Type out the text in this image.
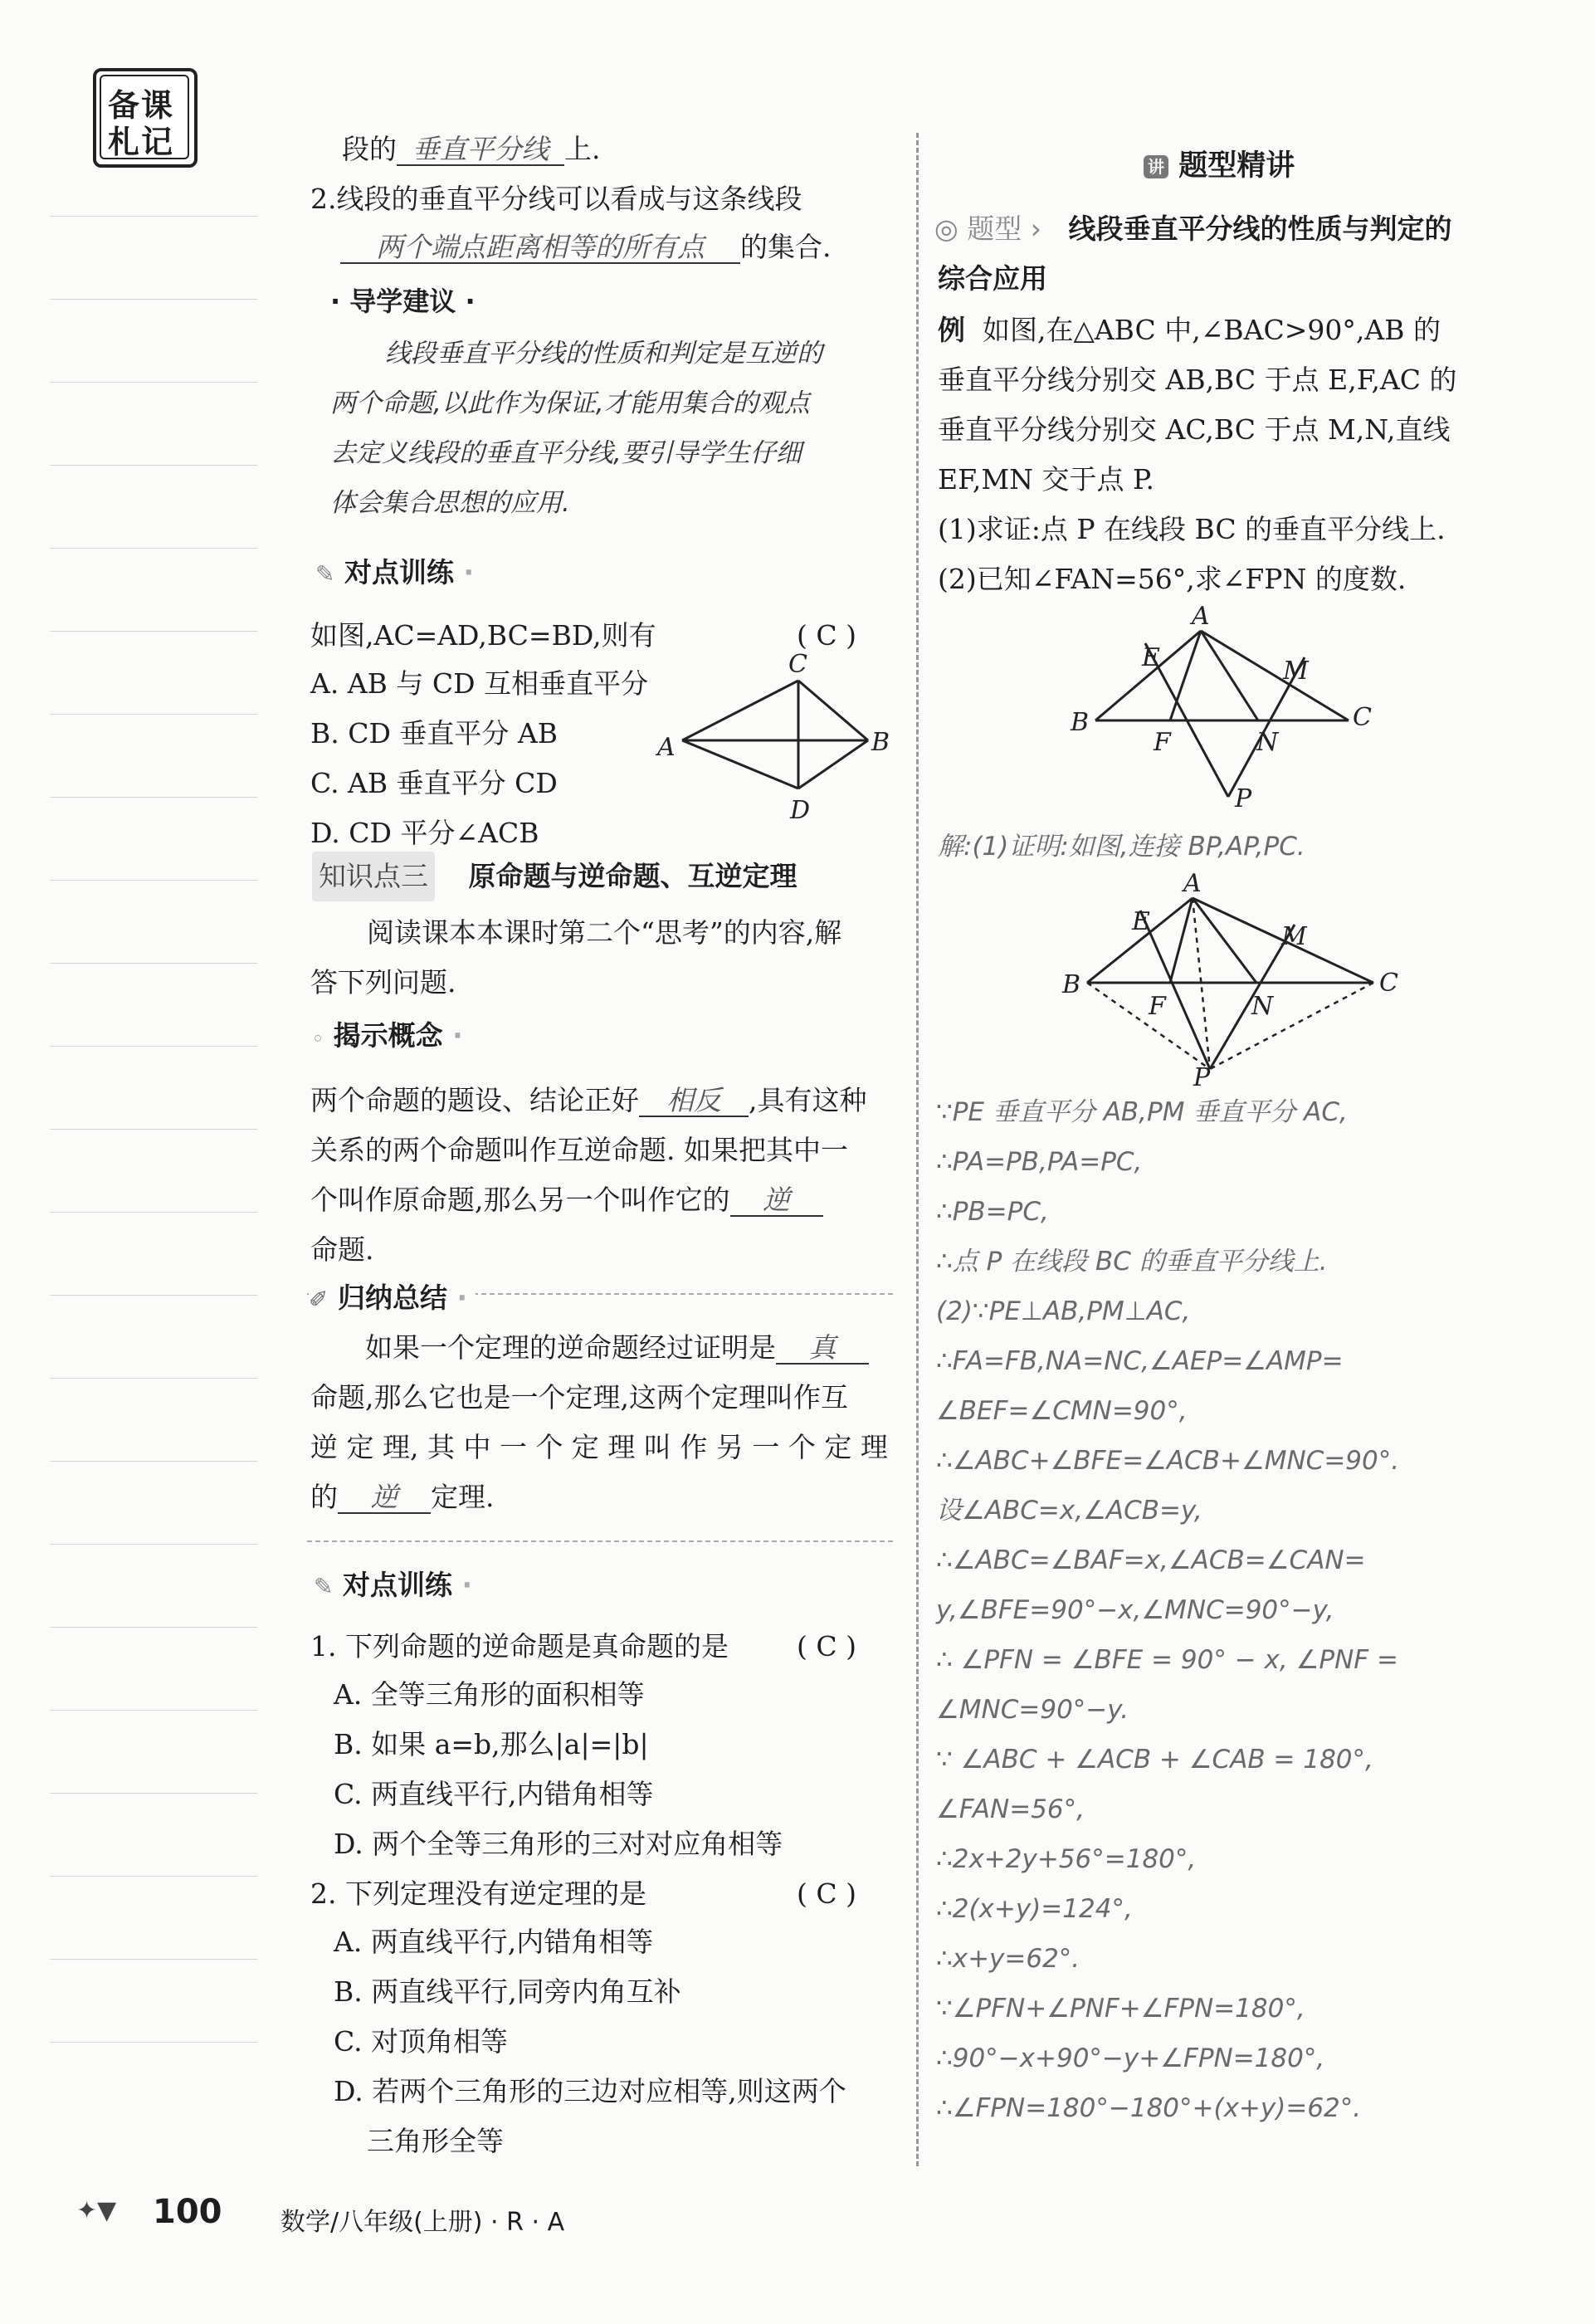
备课
札记	段的 垂直平分线 上.
2.线段的垂直平分线可以看成与这条线段
两个端点距离相等的所有点 的集合.
· 导学建议 ·
线段垂直平分线的性质和判定是互逆的
两个命题,以此作为保证,才能用集合的观点
去定义线段的垂直平分线,要引导学生仔细
体会集合思想的应用.
✎ 对点训练 ·
如图,AC=AD,BC=BD,则有	( C )
A. AB 与 CD 互相垂直平分
B. CD 垂直平分 AB
C. AB 垂直平分 CD
D. CD 平分∠ACB
A	B
C
D
知识点三 原命题与逆命题、互逆定理
阅读课本本课时第二个“思考”的内容,解
答下列问题.
◦ 揭示概念 ·
两个命题的题设、结论正好 相反 ,具有这种
关系的两个命题叫作互逆命题. 如果把其中一
个叫作原命题,那么另一个叫作它的 逆
命题.
✐ 归纳总结 ·
如果一个定理的逆命题经过证明是 真
命题,那么它也是一个定理,这两个定理叫作互
逆 定 理, 其 中 一 个 定 理 叫 作 另 一 个 定 理
的 逆 定理.
✎ 对点训练 ·
1. 下列命题的逆命题是真命题的是 ( C )
A. 全等三角形的面积相等
B. 如果 a=b,那么|a|=|b|
C. 两直线平行,内错角相等
D. 两个全等三角形的三对对应角相等
2. 下列定理没有逆定理的是	( C )
A. 两直线平行,内错角相等
B. 两直线平行,同旁内角互补
C. 对顶角相等
D. 若两个三角形的三边对应相等,则这两个
三角形全等
讲 题型精讲
◎ 题型 › 线段垂直平分线的性质与判定的
综合应用
例 如图,在△ABC 中,∠BAC>90°,AB 的
垂直平分线分别交 AB,BC 于点 E,F,AC 的
垂直平分线分别交 AC,BC 于点 M,N,直线
EF,MN 交于点 P.
(1)求证:点 P 在线段 BC 的垂直平分线上.
(2)已知∠FAN=56°,求∠FPN 的度数.
A
B	C
E
F
M
N
P
解:(1)证明:如图,连接 BP,AP,PC.
A
B	C
E
F
M
N
P
∵PE 垂直平分 AB,PM 垂直平分 AC,
∴PA=PB,PA=PC,
∴PB=PC,
∴点 P 在线段 BC 的垂直平分线上.
(2)∵PE⊥AB,PM⊥AC,
∴FA=FB,NA=NC,∠AEP=∠AMP=
∠BEF=∠CMN=90°,
∴∠ABC+∠BFE=∠ACB+∠MNC=90°.
设∠ABC=x,∠ACB=y,
∴∠ABC=∠BAF=x,∠ACB=∠CAN=
y,∠BFE=90°−x,∠MNC=90°−y,
∴ ∠PFN = ∠BFE = 90° − x, ∠PNF =
∠MNC=90°−y.
∵ ∠ABC + ∠ACB + ∠CAB = 180°,
∠FAN=56°,
∴2x+2y+56°=180°,
∴2(x+y)=124°,
∴x+y=62°.
∵∠PFN+∠PNF+∠FPN=180°,
∴90°−x+90°−y+∠FPN=180°,
∴∠FPN=180°−180°+(x+y)=62°.
✦▼ 100 数学/八年级(上册) · R · A
